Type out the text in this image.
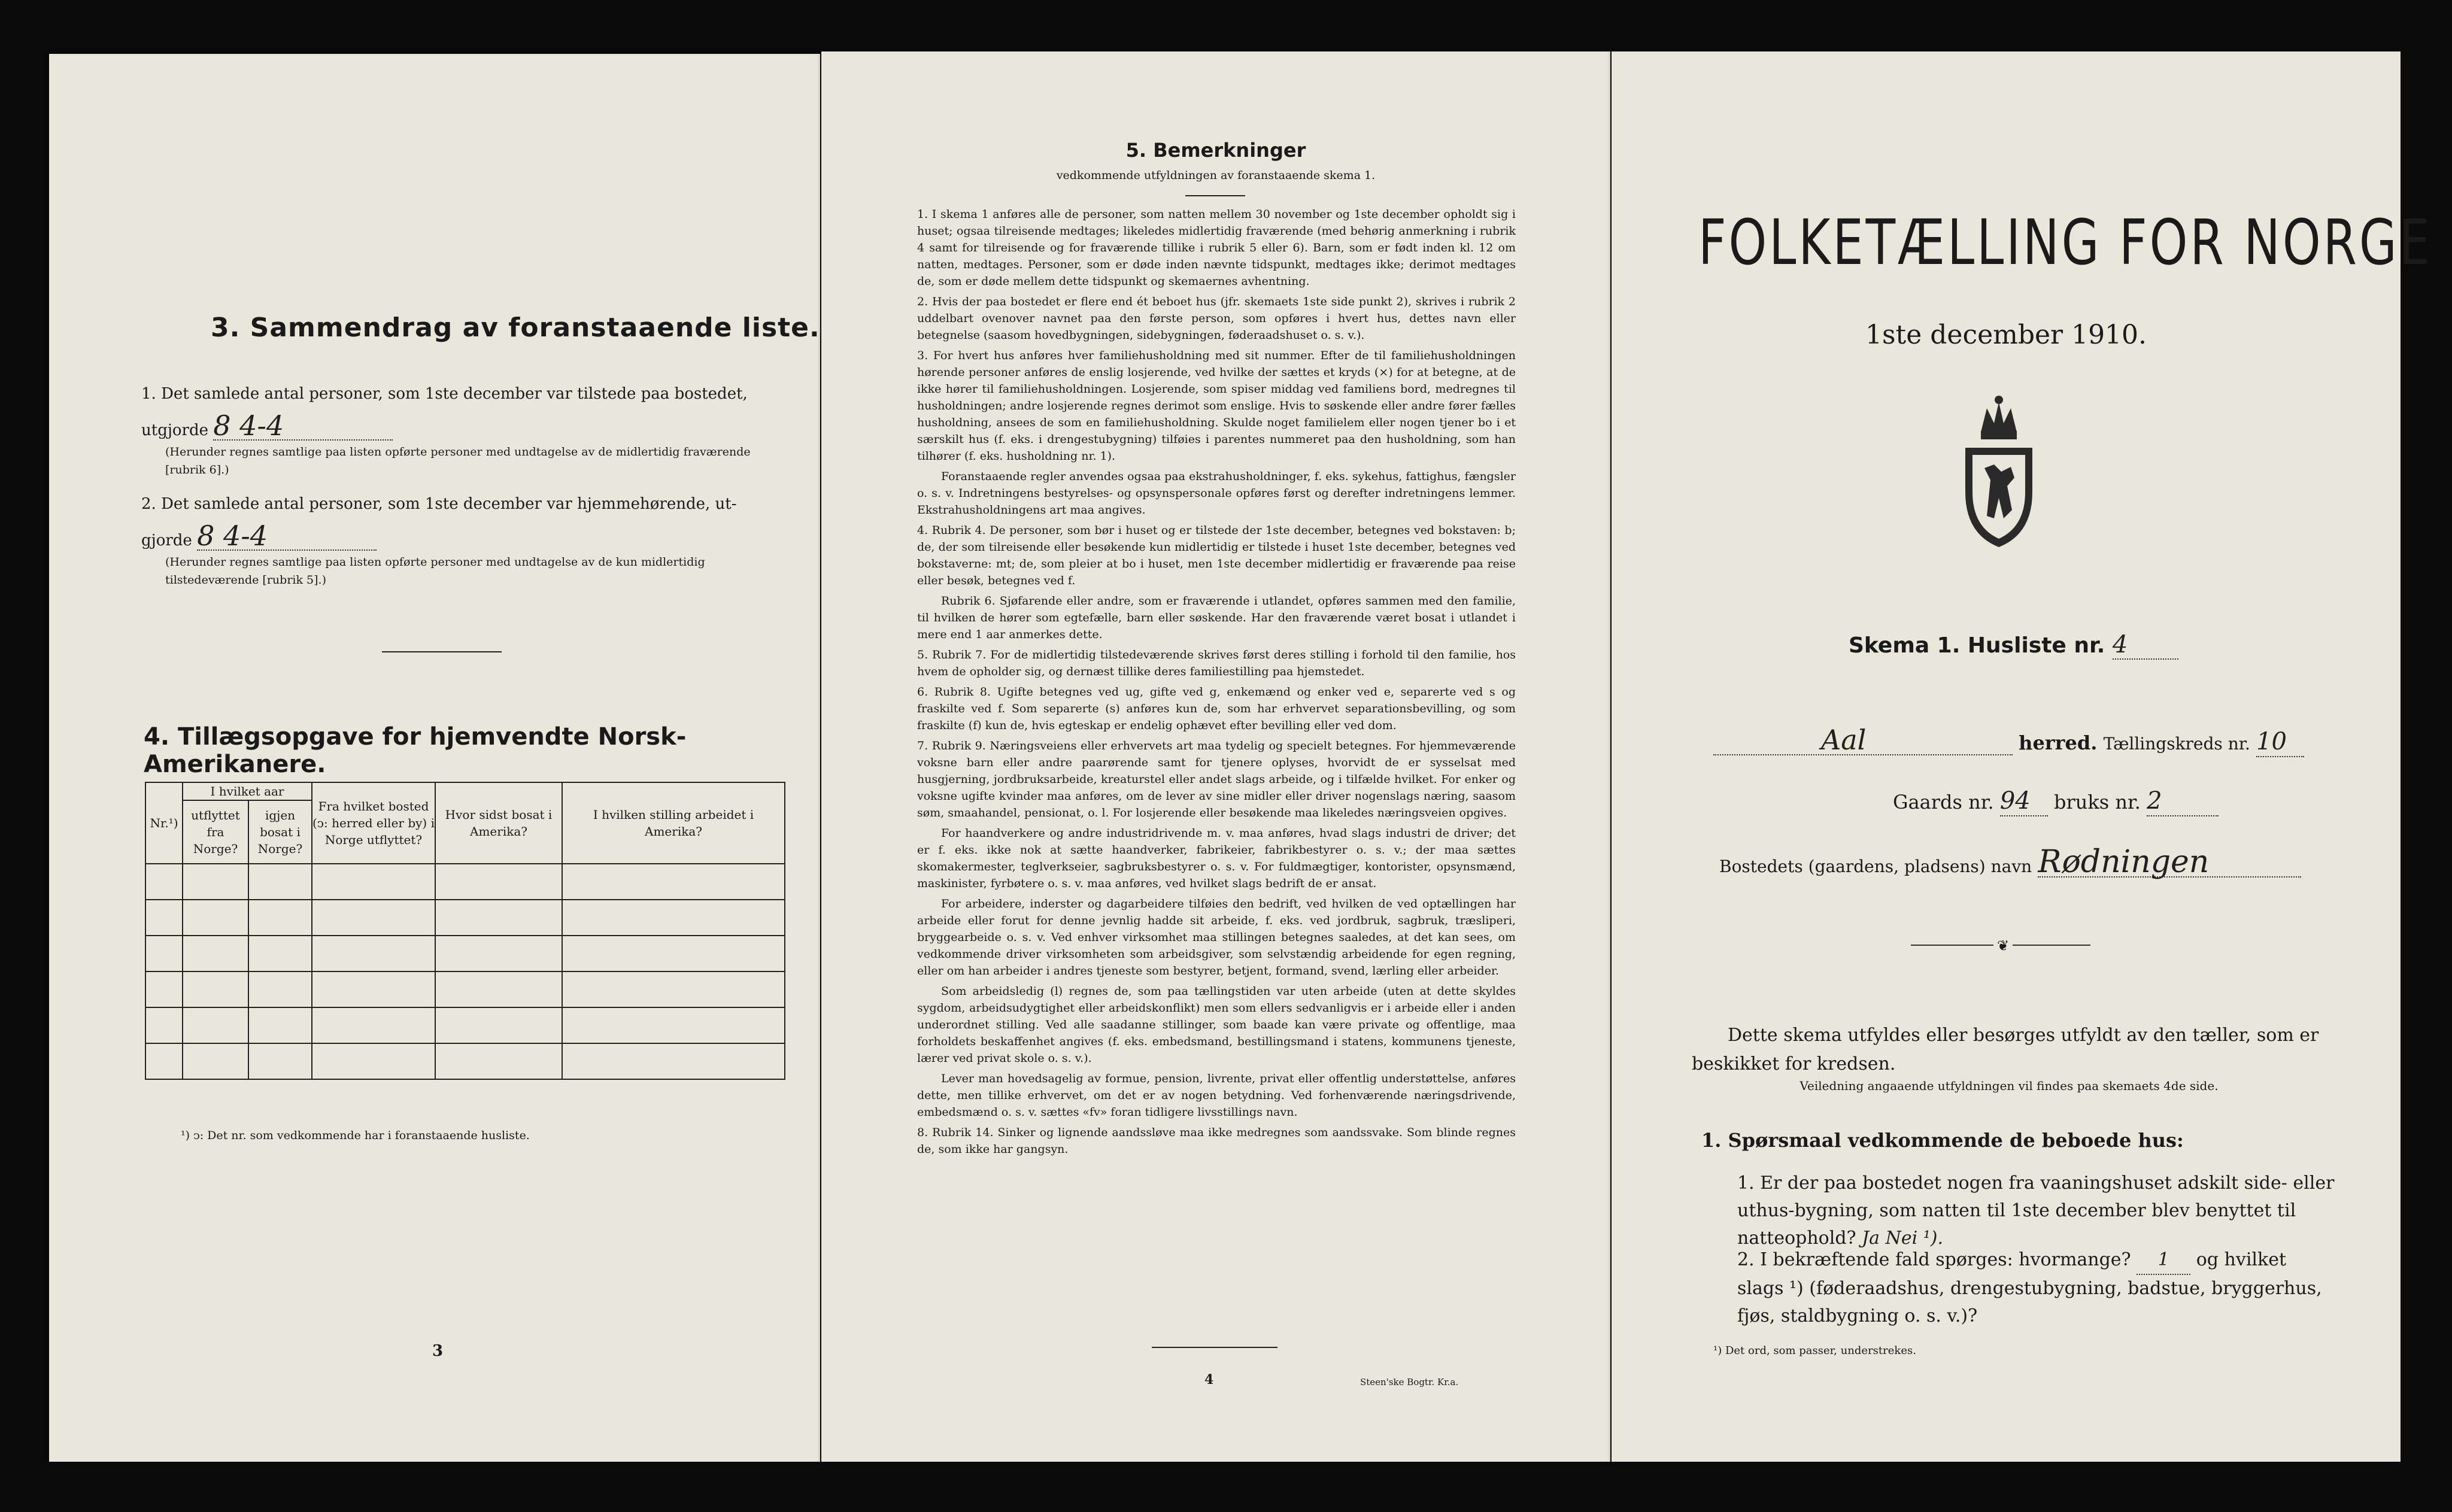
3. Sammendrag av foranstaaende liste.
1. Det samlede antal personer, som 1ste december var tilstede paa bostedet,
utgjorde 8 4-4
(Herunder regnes samtlige paa listen opførte personer med undtagelse av de midlertidig fraværende [rubrik 6].)
2. Det samlede antal personer, som 1ste december var hjemmehørende, ut-
gjorde 8 4-4
(Herunder regnes samtlige paa listen opførte personer med undtagelse av de kun midlertidig tilstedeværende [rubrik 5].)
4. Tillægsopgave for hjemvendte Norsk-Amerikanere.
Nr.¹)	I hvilket aar		Fra hvilket bosted (ↄ: herred eller by) i Norge utflyttet?	Hvor sidst bosat i Amerika?	I hvilken stilling arbeidet i Amerika?
	utflyttet fra Norge?	igjen bosat i Norge?			

¹) ↄ: Det nr. som vedkommende har i foranstaaende husliste.
3
5. Bemerkninger
vedkommende utfyldningen av foranstaaende skema 1.

1. I skema 1 anføres alle de personer, som natten mellem 30 november og 1ste december opholdt sig i huset; ogsaa tilreisende medtages; likeledes midlertidig fraværende (med behørig anmerkning i rubrik 4 samt for tilreisende og for fraværende tillike i rubrik 5 eller 6). Barn, som er født inden kl. 12 om natten, medtages. Personer, som er døde inden nævnte tidspunkt, medtages ikke; derimot medtages de, som er døde mellem dette tidspunkt og skemaernes avhentning.

2. Hvis der paa bostedet er flere end ét beboet hus (jfr. skemaets 1ste side punkt 2), skrives i rubrik 2 uddelbart ovenover navnet paa den første person, som opføres i hvert hus, dettes navn eller betegnelse (saasom hovedbygningen, sidebygningen, føderaadshuset o. s. v.).

3. For hvert hus anføres hver familiehusholdning med sit nummer. Efter de til familiehusholdningen hørende personer anføres de enslig losjerende, ved hvilke der sættes et kryds (×) for at betegne, at de ikke hører til familiehusholdningen. Losjerende, som spiser middag ved familiens bord, medregnes til husholdningen; andre losjerende regnes derimot som enslige. Hvis to søskende eller andre fører fælles husholdning, ansees de som en familiehusholdning. Skulde noget familielem eller nogen tjener bo i et særskilt hus (f. eks. i drengestubygning) tilføies i parentes nummeret paa den husholdning, som han tilhører (f. eks. husholdning nr. 1).

Foranstaaende regler anvendes ogsaa paa ekstrahusholdninger, f. eks. sykehus, fattighus, fængsler o. s. v. Indretningens bestyrelses- og opsynspersonale opføres først og derefter indretningens lemmer. Ekstrahusholdningens art maa angives.

4. Rubrik 4. De personer, som bør i huset og er tilstede der 1ste december, betegnes ved bokstaven: b; de, der som tilreisende eller besøkende kun midlertidig er tilstede i huset 1ste december, betegnes ved bokstaverne: mt; de, som pleier at bo i huset, men 1ste december midlertidig er fraværende paa reise eller besøk, betegnes ved f.

Rubrik 6. Sjøfarende eller andre, som er fraværende i utlandet, opføres sammen med den familie, til hvilken de hører som egtefælle, barn eller søskende. Har den fraværende været bosat i utlandet i mere end 1 aar anmerkes dette.

5. Rubrik 7. For de midlertidig tilstedeværende skrives først deres stilling i forhold til den familie, hos hvem de opholder sig, og dernæst tillike deres familiestilling paa hjemstedet.

6. Rubrik 8. Ugifte betegnes ved ug, gifte ved g, enkemænd og enker ved e, separerte ved s og fraskilte ved f. Som separerte (s) anføres kun de, som har erhvervet separationsbevilling, og som fraskilte (f) kun de, hvis egteskap er endelig ophævet efter bevilling eller ved dom.

7. Rubrik 9. Næringsveiens eller erhvervets art maa tydelig og specielt betegnes. For hjemmeværende voksne barn eller andre paarørende samt for tjenere oplyses, hvorvidt de er sysselsat med husgjerning, jordbruksarbeide, kreaturstel eller andet slags arbeide, og i tilfælde hvilket. For enker og voksne ugifte kvinder maa anføres, om de lever av sine midler eller driver nogenslags næring, saasom søm, smaahandel, pensionat, o. l. For losjerende eller besøkende maa likeledes næringsveien opgives.

For haandverkere og andre industridrivende m. v. maa anføres, hvad slags industri de driver; det er f. eks. ikke nok at sætte haandverker, fabrikeier, fabrikbestyrer o. s. v.; der maa sættes skomakermester, teglverkseier, sagbruksbestyrer o. s. v. For fuldmægtiger, kontorister, opsynsmænd, maskinister, fyrbøtere o. s. v. maa anføres, ved hvilket slags bedrift de er ansat.

For arbeidere, inderster og dagarbeidere tilføies den bedrift, ved hvilken de ved optællingen har arbeide eller forut for denne jevnlig hadde sit arbeide, f. eks. ved jordbruk, sagbruk, træsliperi, bryggearbeide o. s. v. Ved enhver virksomhet maa stillingen betegnes saaledes, at det kan sees, om vedkommende driver virksomheten som arbeidsgiver, som selvstændig arbeidende for egen regning, eller om han arbeider i andres tjeneste som bestyrer, betjent, formand, svend, lærling eller arbeider.

Som arbeidsledig (l) regnes de, som paa tællingstiden var uten arbeide (uten at dette skyldes sygdom, arbeidsudygtighet eller arbeidskonflikt) men som ellers sedvanligvis er i arbeide eller i anden underordnet stilling. Ved alle saadanne stillinger, som baade kan være private og offentlige, maa forholdets beskaffenhet angives (f. eks. embedsmand, bestillingsmand i statens, kommunens tjeneste, lærer ved privat skole o. s. v.).

Lever man hovedsagelig av formue, pension, livrente, privat eller offentlig understøttelse, anføres dette, men tillike erhvervet, om det er av nogen betydning. Ved forhenværende næringsdrivende, embedsmænd o. s. v. sættes «fv» foran tidligere livsstillings navn.

8. Rubrik 14. Sinker og lignende aandssløve maa ikke medregnes som aandssvake. Som blinde regnes de, som ikke har gangsyn.

4	Steen'ske Bogtr. Kr.a.
FOLKETÆLLING FOR NORGE
1ste december 1910.
Skema 1. Husliste nr. 4
Aal	herred. Tællingskreds nr. 10
Gaards nr. 94 bruks nr. 2
Bostedets (gaardens, pladsens) navn Rødningen
❦
Dette skema utfyldes eller besørges utfyldt av den tæller, som er beskikket for kredsen.
Veiledning angaaende utfyldningen vil findes paa skemaets 4de side.
1. Spørsmaal vedkommende de beboede hus:
1. Er der paa bostedet nogen fra vaaningshuset adskilt side- eller uthus-bygning, som natten til 1ste december blev benyttet til natteophold? Ja Nei ¹).
2. I bekræftende fald spørges: hvormange? 1 og hvilket slags ¹) (føderaadshus, drengestubygning, badstue, bryggerhus, fjøs, staldbygning o. s. v.)?
¹) Det ord, som passer, understrekes.
